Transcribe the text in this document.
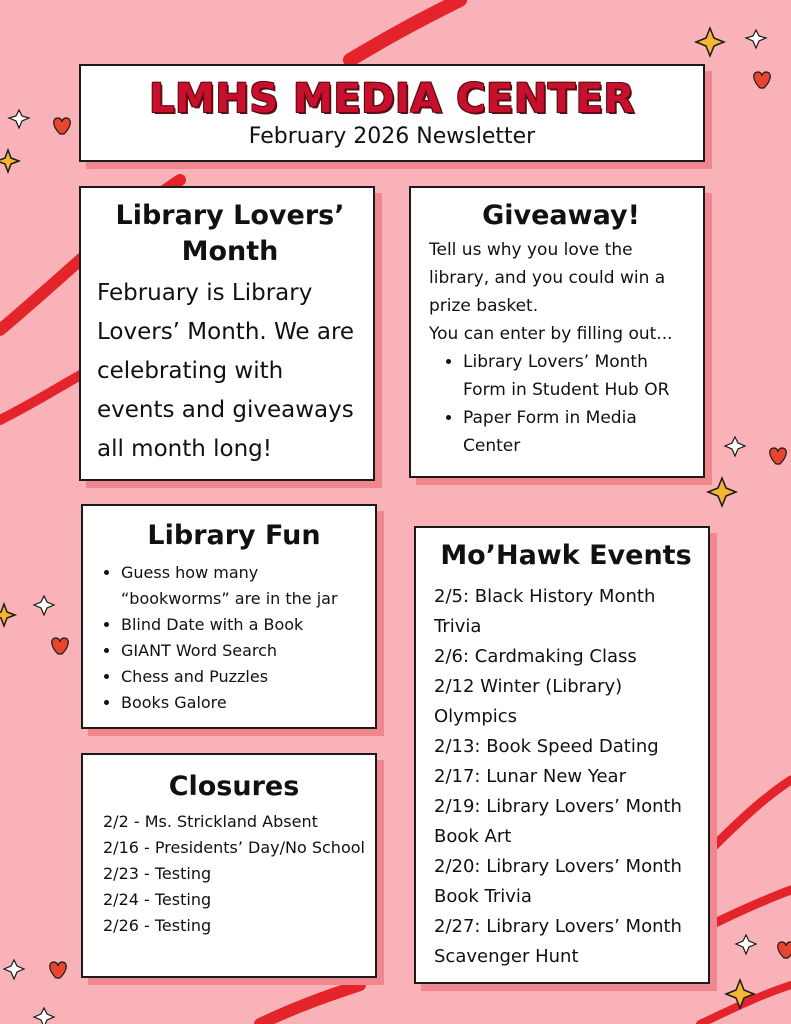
LMHS MEDIA CENTER
February 2026 Newsletter
Library Lovers’ Month

February is Library Lovers’ Month. We are celebrating with events and giveaways all month long!

Giveaway!

Tell us why you love the library, and you could win a prize basket.

You can enter by filling out...

• Library Lovers’ Month Form in Student Hub OR
• Paper Form in Media Center
Library Fun
• Guess how many “bookworms” are in the jar
• Blind Date with a Book
• GIANT Word Search
• Chess and Puzzles
• Books Galore
Closures
2/2 - Ms. Strickland Absent
2/16 - Presidents’ Day/No School
2/23 - Testing
2/24 - Testing
2/26 - Testing
Mo’Hawk Events
2/5: Black History Month Trivia
2/6: Cardmaking Class
2/12 Winter (Library) Olympics
2/13: Book Speed Dating
2/17: Lunar New Year
2/19: Library Lovers’ Month Book Art
2/20: Library Lovers’ Month Book Trivia
2/27: Library Lovers’ Month Scavenger Hunt
